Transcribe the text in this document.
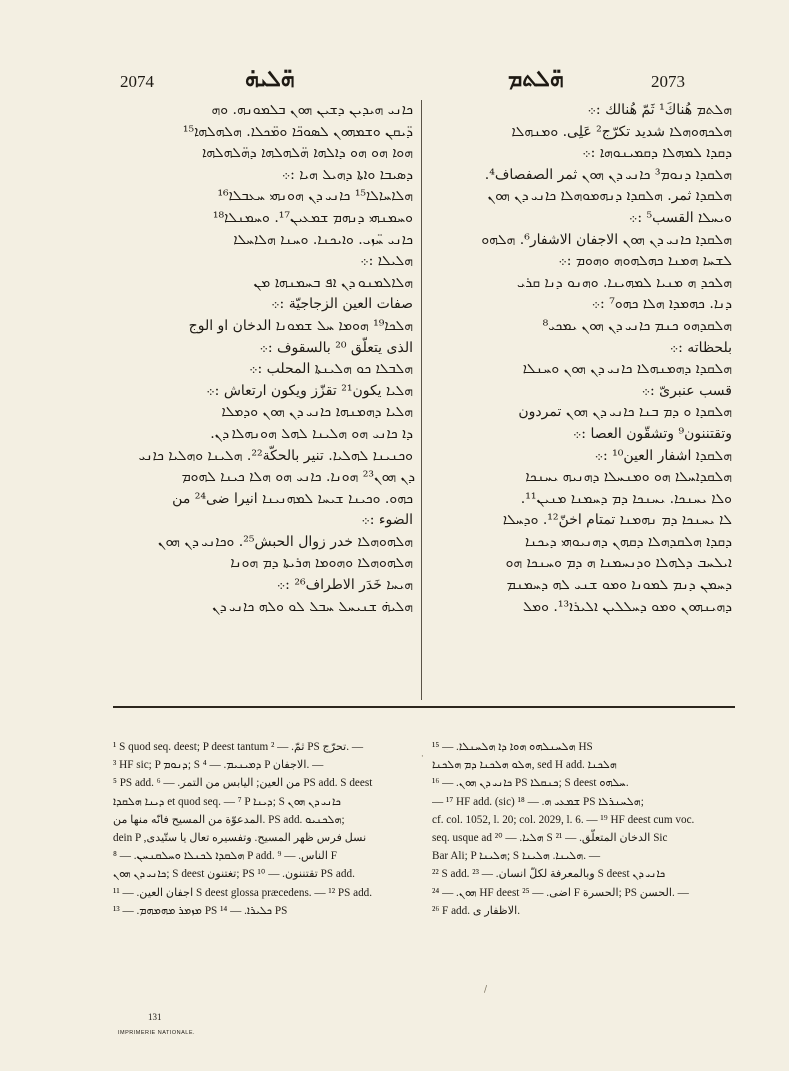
2074	ܗ̈ܠܝܗ̇	ܗ̈ܠܬܡ	2073
ܟܐܢܝ ܗܝܕܝܢ ܕܫܝܢ ܗܘܢ ܒܠܡܘܢܗ. ܘܗ
ܕ̈ܝܩܢ ܘܫܡܗܘܢ ܠܣܘܟ̈ܐ ܘܡ̈ܟܠܐ. ܗܠܗܠܗܐ¹⁵
ܗܘܐ ܗܘ ܗܘ ܕܐܠܗܐ ܗ̈ܠܗܠܗܐ ܕܗ̈ܠܗܠܗܐ
ܕܣܝܒܐ ܘܐܬܐ ܕܗܝܠ ܗܝܐ :܀
ܗܠܐܚܐܠܐ¹⁵ ܟܐܢܝ ܕܢ ܗܘܢܗܝ ܚܥܒܠܐ¹⁶
ܘܚܡܢܗܝ ܕܢܗܡ ܫܡܥܝܢ¹⁷. ܘܚܡܢܠܐ¹⁸
ܟܐܢܝ ܚ̈ܙܝ. ܘܐܝܟܢܐ. ܘܚܢܐ ܗܠܐܚܠܐ
ܗܠܝܠܐ :܀
ܗܠܐܠܡܢܘ ܕܢ ܐܦ ܒܚܡܢܗܐ ܡܢ
صفات العين الزجاجيّة :܀
ܗܠܟܐ¹⁹ ܗܘܡܐ ܚܠ ܫܡܘܢܐ الدخان او الوج
الذى يتعلّق ²⁰ بالسقوف :܀
ܗܠܒܠܐ ܟܘ ܗܠܝܢܬܐ المحلب :܀
ܗܠܝܐ يكون²¹ تقزّز ويكون ارتعاش :܀
ܗܠܝܐ ܕܗܡܢܗܐ ܟܐܢܝ ܕܢ ܗܘܢ ܘܕܡܠܐ
ܕܐ ܟܐܢܝ ܗܘ ܗܠܝܢܐ ܠܗܠ ܗܘܢܗܠܐ ܕܢ.
ܘܟܢܝܢܐ ܠܗܠܝܐ. تنير بالحكّة²². ܗܠܝܢܐ ܘܗܠܝܐ ܟܐܢܝ
ܕܢ ܗܘܢ²³ ܗܘܢܐ. ܟܐܢܝ ܗܘ ܗܠܐ ܟܝܢܐ ܠܗܘܡ
ܟܗܘ. ܘܟܝܢܐ ܫܝܚܐ ܠܡܗܢܝܢܐ انيرا ضى²⁴ من
الضوء :܀
ܗܠܗܘܗܠܐ خدر زوال الحبش²⁵. ܘܟܐܢܝ ܕܢ ܗܘܢ
ܗܠܗܘܗܠܐ ܘܗܘܡܐ ܗܪܝܬܐ ܕܡ ܗܘܢܐ
ܗܝܚܐ خَدَر الاطراف²⁶ :܀
ܗܠܝܗ̇ ܫܢܝܚܠ ܚܒܠ ܠܘ ܘܠܗ ܟܐܢܝ ܕܢ
ܗܠܬܡ هُناكَ¹ ثَمّ هُنالك :܀
ܗܠܟܗܘܗܠܐ شديد تكرّج² عَلِى. ܘܡܢܗܠܐ
ܕܩܕܐ ܠܡܗܠܐ ܕܩܡܝܢܘܗܐ :܀
ܗܠܩܕܐ ܕܢܘܡ³ ܟܐܢܝ ܕܢ ܗܘܢ ثمر الصفصاف⁴.
ܗܠܩܕܐ ثمر. ܗܠܩܕܐ ܕܢܗܡܘܗܠܐ ܟܐܢܝ ܕܢ ܗܘܢ
ܘܝܚܠܐ القسب⁵ :܀
ܗܠܩܕܐ ܟܐܢܝ ܕܢ ܗܘܢ الاجفان الاشفار⁶. ܗܠܗܘ
ܠܫܚܐ ܗܡܢܐ ܟܗܠܗܘܗ ܘܗܘܡ :܀
ܗܠܟܕ ܗ ܡܢܝܐ ܠܡܗܝܢܐ. ܘܗܢܘ ܕܢܐ ܩܪܝ
ܕܢܐ. ܟܗܡܕܐ ܗܠܐ ܟܗܘ⁷ :܀
ܗܠܩܕܗܘ ܟܢܡ ܟܐܢܝ ܕܢ ܗܘܢ ܝܡܟܝ⁸
بلحظاته :܀
ܗܠܩܕܐ ܕܗܡܢܗܠܐ ܟܐܢܝ ܕܢ ܗܘܢ ܘܚܢܠܐ
قسب عنبرىّ :܀
ܗܠܩܕܐ ܘ ܕܡ ܒܢܐ ܟܐܢܝ ܕܢ ܗܘܢ تمردون
وتقتننون⁹ وتشقّون العصا :܀
ܗܠܩܕܐ اشفار العين¹⁰ :܀
ܗܠܩܕܐܚܠܐ ܗܘ ܘܡܢܚܠܐ ܕܗܢܝܗ ܝܚܢܟܐ
ܘܠܐ ܝܚܢܟܐ. ܝܚܢܟܐ ܕܡ ܕܚܡܢܐ ܡܢܝܢ¹¹.
ܠܐ ܝܚܢܟܐ ܕܡ ܢܗܡܢܐ تمتام اخنّ¹². ܘܕܚܠܐ
ܕܩܕܐ ܗܠܩܕܗܠܐ ܕܩܗܢ ܕܗܢܝܘܗܝ ܕܝܟܢܐ
ܐܝܠܚܒ ܕܠܗܠܐ ܘܕܢܚܡܢܐ ܗ ܕܡ ܘܚܢܟܐ ܗܘ
ܕܚܡܢ ܕܢܡ ܠܡܘܢܐ ܘܡܘ ܫܢܝ ܠܗ ܕܚܡܢܡ
ܕܗܝܢܗܘܢ ܘܡܘ ܕܚܠܠܝܢ ܐܠܝܪܐ¹³. ܘܡܠ
¹ S quod seq. deest; P deest tantum ثمّ. — ² PS تحرّج. —
³ HF sic; P ܕܢܘܡ; S ܕܡܝܢܝܡ. — ⁴ P الاجفان. —
⁵ PS add. من العين; اليابس من التمر. — ⁶ PS add. S deest
ܕܝܢܐ ܗܠܩܕܐ et quod seq. — ⁷ P ܕܝܢܐ; S ܟܐܢܝ ܕܢ ܗܘܢ
المدعوّة من المسيح فانّه منها من. PS add. ܗܠܟܢܝܘ;
dein P ,نسل فرس ظهر المسيح. وتفسيره تعال يا ستّيدى
ܗܠܩܕܐ ܠܟܢܠܐ ܘܚܠܩܢܚܢ. — ⁸ P add. الناس. — ⁹ F
ܟܐܢܝ ܕܢ ܗܘܢ; S deest تغتنون; PS تقتننون. — ¹⁰ PS add.
اجفان العين. — ¹¹ S deest glossa præcedens. — ¹² PS add.
ܡܙܡܪ ܡܗܡܗܡ. — ¹³ PS ܟܠܝܪܐ. — ¹⁴ PS
ܗܠܚܢܠܗܘ ܗܘܐ ܕܐ ܗܠܚܢܠܐ. — ¹⁵ HS
ܗܠܘ ܗܠܟܢܐ ܕܡ ܗܠܟܢܐ, sed H add. ܗܠܟܢܐ
ܟܐܢܝ ܕܢ ܗܘܢ. — ¹⁶ PS ܟܢܩܠܐ; S deest ܚܠܗܘ.
— ¹⁷ HF add. (sic) ܫܡܥܝ ܗ. — ¹⁸ PS ܗܠܚܢܪܠܐ;
cf. col. 1052, l. 20; col. 2029, l. 6. — ¹⁹ HF deest cum voc.
seq. usque ad ܗܠܝܐ. — ²⁰ S الدخان المتعلّق. — ²¹ Sic
Bar Ali; P ܗܠܝܢܐ; S ܗܠܝܢܐ. ܗܠܝܢܐ. —
²² S add. وبالمعرفة لكلّ انسان. — ²³ S deest ܟܐܢܝ ܕܢ
ܗܘܢ. — ²⁴ HF deest اضى. — ²⁵ F الحسرة; PS الحسن. —
²⁶ F add. الاظفار ى.
131
IMPRIMERIE NATIONALE.
·
/
